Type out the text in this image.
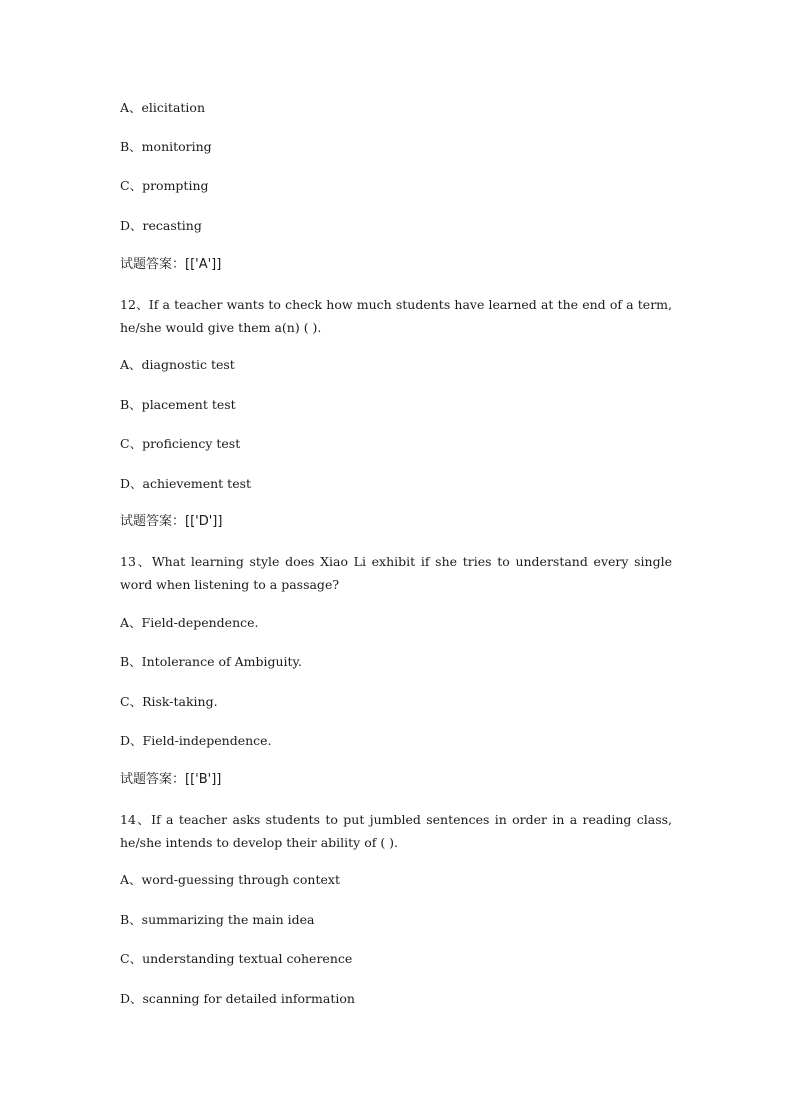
A、elicitation
B、monitoring
C、prompting
D、recasting
试题答案：[['A']]
12、If a teacher wants to check how much students have learned at the end of a term, he/she would give them a(n) ( ).
A、diagnostic test
B、placement test
C、proficiency test
D、achievement test
试题答案：[['D']]
13、What learning style does Xiao Li exhibit if she tries to understand every single word when listening to a passage?
A、Field-dependence.
B、Intolerance of Ambiguity.
C、Risk-taking.
D、Field-independence.
试题答案：[['B']]
14、If a teacher asks students to put jumbled sentences in order in a reading class, he/she intends to develop their ability of ( ).
A、word-guessing through context
B、summarizing the main idea
C、understanding textual coherence
D、scanning for detailed information
